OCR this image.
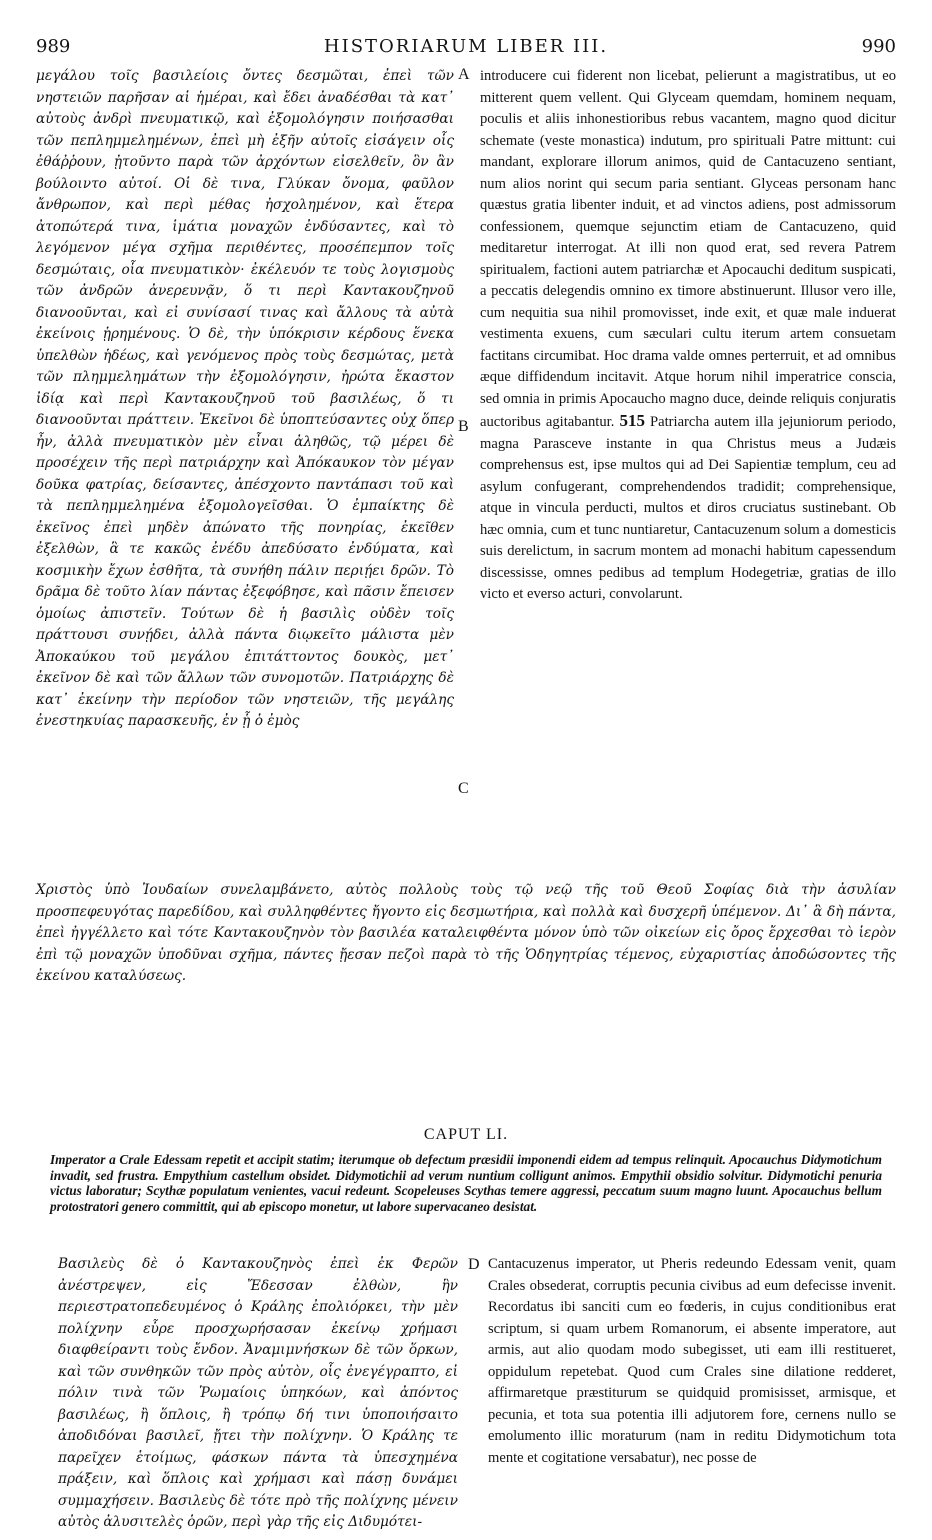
989	HISTORIARUM LIBER III.	990

μεγάλου τοῖς βασιλείοις ὄντες δεσμῶται, ἐπεὶ τῶν νηστειῶν παρῆσαν αἱ ἡμέραι, καὶ ἔδει ἀναδέσθαι τὰ κατ᾽ αὐτοὺς ἀνδρὶ πνευματικῷ, καὶ ἐξομολόγησιν ποιήσασθαι τῶν πεπλημμελημένων, ἐπεὶ μὴ ἐξῆν αὐτοῖς εἰσάγειν οἷς ἐθάῤῥουν, ᾐτοῦντο παρὰ τῶν ἀρχόντων εἰσελθεῖν, ὃν ἂν βούλοιντο αὐτοί. Οἱ δὲ τινα, Γλύκαν ὄνομα, φαῦλον ἄνθρωπον, καὶ περὶ μέθας ἠσχολημένον, καὶ ἕτερα ἀτοπώτερά τινα, ἱμάτια μοναχῶν ἐνδύσαντες, καὶ τὸ λεγόμενον μέγα σχῆμα περιθέντες, προσέπεμπον τοῖς δεσμώταις, οἷα πνευματικὸν· ἐκέλευόν τε τοὺς λογισμοὺς τῶν ἀνδρῶν ἀνερευνᾷν, ὅ τι περὶ Καντακουζηνοῦ διανοοῦνται, καὶ εἰ συνίσασί τινας καὶ ἄλλους τὰ αὐτὰ ἐκείνοις ᾑρημένους. Ὁ δὲ, τὴν ὑπόκρισιν κέρδους ἕνεκα ὑπελθὼν ἡδέως, καὶ γενόμενος πρὸς τοὺς δεσμώτας, μετὰ τῶν πλημμελημάτων τὴν ἐξομολόγησιν, ἠρώτα ἕκαστον ἰδίᾳ καὶ περὶ Καντακουζηνοῦ τοῦ βασιλέως, ὅ τι διανοοῦνται πράττειν. Ἐκεῖνοι δὲ ὑποπτεύσαντες οὐχ ὅπερ ἦν, ἀλλὰ πνευματικὸν μὲν εἶναι ἀληθῶς, τῷ μέρει δὲ προσέχειν τῆς περὶ πατριάρχην καὶ Ἀπόκαυκον τὸν μέγαν δοῦκα φατρίας, δείσαντες, ἀπέσχοντο παντάπασι τοῦ καὶ τὰ πεπλημμελημένα ἐξομολογεῖσθαι. Ὁ ἐμπαίκτης δὲ ἐκεῖνος ἐπεὶ μηδὲν ἀπώνατο τῆς πονηρίας, ἐκεῖθεν ἐξελθὼν, ἃ τε κακῶς ἐνέδυ ἀπεδύσατο ἐνδύματα, καὶ κοσμικὴν ἔχων ἐσθῆτα, τὰ συνήθη πάλιν περιῄει δρῶν. Τὸ δρᾶμα δὲ τοῦτο λίαν πάντας ἐξεφόβησε, καὶ πᾶσιν ἔπεισεν ὁμοίως ἀπιστεῖν. Τούτων δὲ ἡ βασιλὶς οὐδὲν τοῖς πράττουσι συνῄδει, ἀλλὰ πάντα διῳκεῖτο μάλιστα μὲν Ἀποκαύκου τοῦ μεγάλου ἐπιτάττοντος δουκὸς, μετ᾽ ἐκεῖνον δὲ καὶ τῶν ἄλλων τῶν συνομοτῶν. Πατριάρχης δὲ κατ᾽ ἐκείνην τὴν περίοδον τῶν νηστειῶν, τῆς μεγάλης ἐνεστηκυίας παρασκευῆς, ἐν ᾗ ὁ ἐμὸς

A
B
C

introducere cui fiderent non licebat, pelierunt a magistratibus, ut eo mitterent quem vellent. Qui Glyceam quemdam, hominem nequam, poculis et aliis inhonestioribus rebus vacantem, magno quod dicitur schemate (veste monastica) indutum, pro spirituali Patre mittunt: cui mandant, explorare illorum animos, quid de Cantacuzeno sentiant, num alios norint qui secum paria sentiant. Glyceas personam hanc quæstus gratia libenter induit, et ad vinctos adiens, post admissorum confessionem, quemque sejunctim etiam de Cantacuzeno, quid meditaretur interrogat. At illi non quod erat, sed revera Patrem spiritualem, factioni autem patriarchæ et Apocauchi deditum suspicati, a peccatis delegendis omnino ex timore abstinuerunt. Illusor vero ille, cum nequitia sua nihil promovisset, inde exit, et quæ male induerat vestimenta exuens, cum sæculari cultu iterum artem consuetam factitans circumibat. Hoc drama valde omnes perterruit, et ad omnibus æque diffidendum incitavit. Atque horum nihil imperatrice conscia, sed omnia in primis Apocaucho magno duce, deinde reliquis conjuratis auctoribus agitabantur. 515 Patriarcha autem illa jejuniorum periodo, magna Parasceve instante in qua Christus meus a Judæis comprehensus est, ipse multos qui ad Dei Sapientiæ templum, ceu ad asylum confugerant, comprehendendos tradidit; comprehensique, atque in vincula perducti, multos et diros cruciatus sustinebant. Ob hæc omnia, cum et tunc nuntiaretur, Cantacuzenum solum a domesticis suis derelictum, in sacrum montem ad monachi habitum capessendum discessisse, omnes pedibus ad templum Hodegetriæ, gratias de illo victo et everso acturi, convolarunt.

Χριστὸς ὑπὸ Ἰουδαίων συνελαμβάνετο, αὐτὸς πολλοὺς τοὺς τῷ νεῷ τῆς τοῦ Θεοῦ Σοφίας διὰ τὴν ἀσυλίαν προσπεφευγότας παρεδίδου, καὶ συλληφθέντες ἤγοντο εἰς δεσμωτήρια, καὶ πολλὰ καὶ δυσχερῆ ὑπέμενον. Δι᾽ ἃ δὴ πάντα, ἐπεὶ ἠγγέλλετο καὶ τότε Καντακουζηνὸν τὸν βασιλέα καταλειφθέντα μόνον ὑπὸ τῶν οἰκείων εἰς ὄρος ἔρχεσθαι τὸ ἱερὸν ἐπὶ τῷ μοναχῶν ὑποδῦναι σχῆμα, πάντες ᾔεσαν πεζοὶ παρὰ τὸ τῆς Ὁδηγητρίας τέμενος, εὐχαριστίας ἀποδώσοντες τῆς ἐκείνου καταλύσεως.

CAPUT LI.
Imperator a Crale Edessam repetit et accipit statim; iterumque ob defectum præsidii imponendi eidem ad tempus relinquit. Apocauchus Didymotichum invadit, sed frustra. Empythium castellum obsidet. Didymotichii ad verum nuntium colligunt animos. Empythii obsidio solvitur. Didymotichi penuria victus laboratur; Scythæ populatum venientes, vacui redeunt. Scopeleuses Scythas temere aggressi, peccatum suum magno luunt. Apocauchus bellum protostratori genero committit, qui ab episcopo monetur, ut labore supervacaneo desistat.

Βασιλεὺς δὲ ὁ Καντακουζηνὸς ἐπεὶ ἐκ Φερῶν ἀνέστρεψεν, εἰς Ἔδεσσαν ἐλθὼν, ἣν περιεστρατοπεδευμένος ὁ Κράλης ἐπολιόρκει, τὴν μὲν πολίχνην εὗρε προσχωρήσασαν ἐκείνῳ χρήμασι διαφθείραντι τοὺς ἔνδον. Ἀναμιμνήσκων δὲ τῶν ὅρκων, καὶ τῶν συνθηκῶν τῶν πρὸς αὐτὸν, οἷς ἐνεγέγραπτο, εἰ πόλιν τινὰ τῶν Ῥωμαίοις ὑπηκόων, καὶ ἀπόντος βασιλέως, ἢ ὅπλοις, ἢ τρόπῳ δή τινι ὑποποιήσαιτο ἀποδιδόναι βασιλεῖ, ᾔτει τὴν πολίχνην. Ὁ Κράλης τε παρεῖχεν ἑτοίμως, φάσκων πάντα τὰ ὑπεσχημένα πράξειν, καὶ ὅπλοις καὶ χρήμασι καὶ πάσῃ δυνάμει συμμαχήσειν. Βασιλεὺς δὲ τότε πρὸ τῆς πολίχνης μένειν αὐτὸς ἀλυσιτελὲς ὁρῶν, περὶ γὰρ τῆς εἰς Διδυμότει-

D Cantacuzenus imperator, ut Pheris redeundo Edessam venit, quam Crales obsederat, corruptis pecunia civibus ad eum defecisse invenit. Recordatus ibi sanciti cum eo fœderis, in cujus conditionibus erat scriptum, si quam urbem Romanorum, ei absente imperatore, aut armis, aut alio quodam modo subegisset, uti eam illi restitueret, oppidulum repetebat. Quod cum Crales sine dilatione redderet, affirmaretque præstiturum se quidquid promisisset, armisque, et pecunia, et tota sua potentia illi adjutorem fore, cernens nullo se emolumento illic moraturum (nam in reditu Didymotichum tota mente et cogitatione versabatur), nec posse de
